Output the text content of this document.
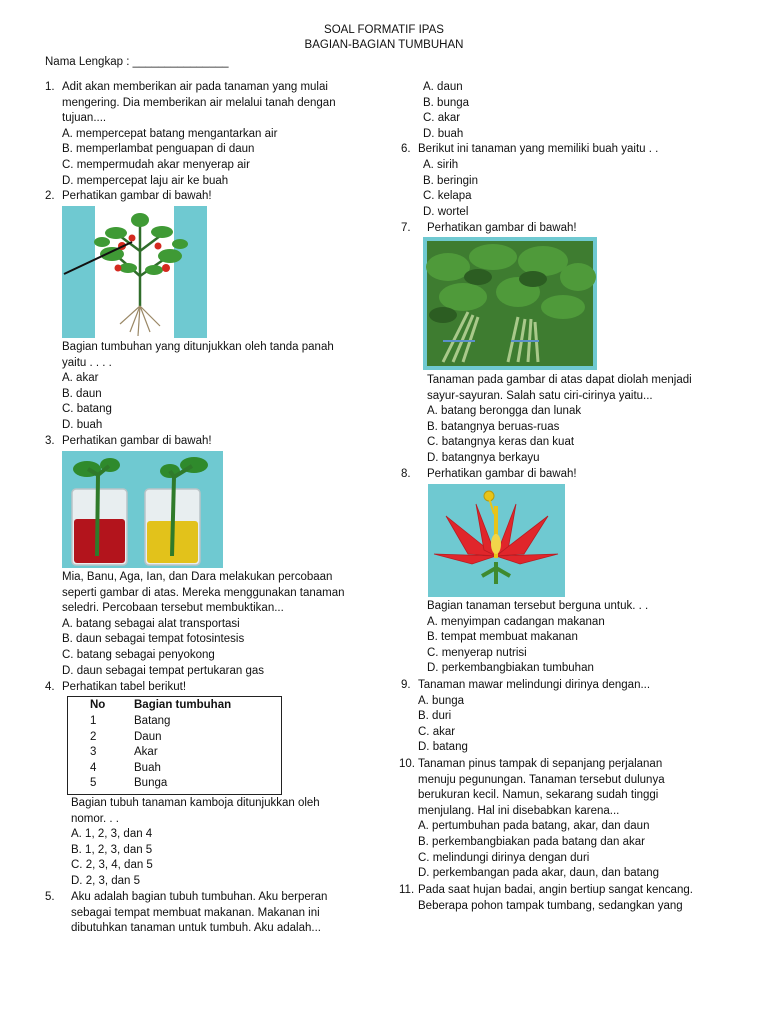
SOAL FORMATIF IPAS
BAGIAN-BAGIAN TUMBUHAN
Nama Lengkap : _______________
1. Adit akan memberikan air pada tanaman yang mulai
mengering. Dia memberikan air melalui tanah dengan
tujuan....
A. mempercepat batang mengantarkan air
B. memperlambat penguapan di daun
C. mempermudah akar menyerap air
D. mempercepat laju air ke buah
2. Perhatikan gambar di bawah!
Bagian tumbuhan yang ditunjukkan oleh tanda panah
yaitu . . . .
A. akar
B. daun
C. batang
D. buah
3. Perhatikan gambar di bawah!
Mia, Banu, Aga, Ian, dan Dara melakukan percobaan
seperti gambar di atas. Mereka menggunakan tanaman
seledri. Percobaan tersebut membuktikan...
A. batang sebagai alat transportasi
B. daun sebagai tempat fotosintesis
C. batang sebagai penyokong
D. daun sebagai tempat pertukaran gas
4. Perhatikan tabel berikut!
No Bagian tumbuhan
1	Batang
2	Daun
3	Akar
4	Buah
5	Bunga
Bagian tubuh tanaman kamboja ditunjukkan oleh
nomor. . .
A. 1, 2, 3, dan 4
B. 1, 2, 3, dan 5
C. 2, 3, 4, dan 5
D. 2, 3, dan 5
5. Aku adalah bagian tubuh tumbuhan. Aku berperan
sebagai tempat membuat makanan. Makanan ini
dibutuhkan tanaman untuk tumbuh. Aku adalah...
A. daun
B. bunga
C. akar
D. buah
6. Berikut ini tanaman yang memiliki buah yaitu . .
A. sirih
B. beringin
C. kelapa
D. wortel
7. Perhatikan gambar di bawah!
Tanaman pada gambar di atas dapat diolah menjadi
sayur-sayuran. Salah satu ciri-cirinya yaitu...
A. batang berongga dan lunak
B. batangnya beruas-ruas
C. batangnya keras dan kuat
D. batangnya berkayu
8. Perhatikan gambar di bawah!
Bagian tanaman tersebut berguna untuk. . .
A. menyimpan cadangan makanan
B. tempat membuat makanan
C. menyerap nutrisi
D. perkembangbiakan tumbuhan
9. Tanaman mawar melindungi dirinya dengan...
A. bunga
B. duri
C. akar
D. batang
10. Tanaman pinus tampak di sepanjang perjalanan
menuju pegunungan. Tanaman tersebut dulunya
berukuran kecil. Namun, sekarang sudah tinggi
menjulang. Hal ini disebabkan karena...
A. pertumbuhan pada batang, akar, dan daun
B. perkembangbiakan pada batang dan akar
C. melindungi dirinya dengan duri
D. perkembangan pada akar, daun, dan batang
11. Pada saat hujan badai, angin bertiup sangat kencang.
Beberapa pohon tampak tumbang, sedangkan yang
